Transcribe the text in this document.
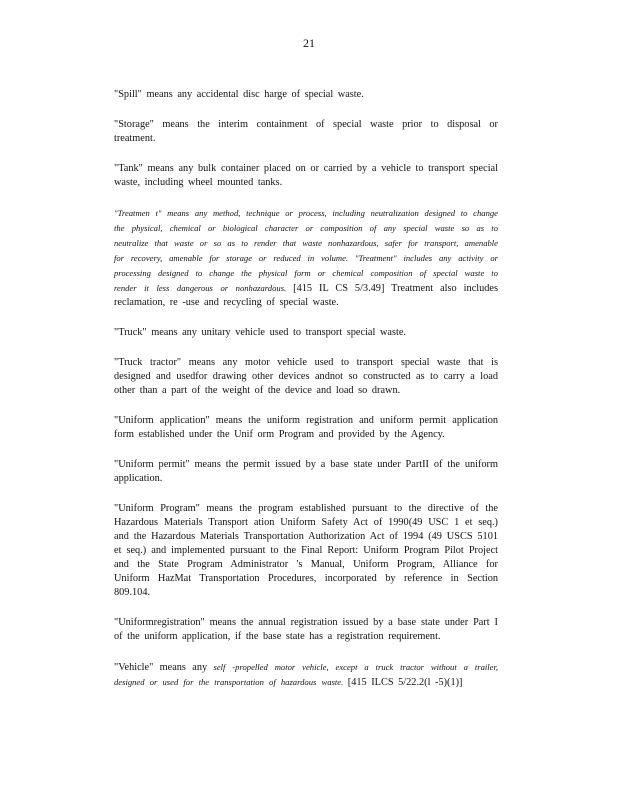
21

"Spill" means any accidental disc harge of special waste.

"Storage" means the interim containment of special waste prior to disposal or treatment.

"Tank" means any bulk container placed on or carried by a vehicle to transport special waste, including wheel mounted tanks.

"Treatmen t" means any method, technique or process, including neutralization designed to change the physical, chemical or biological character or composition of any special waste so as to neutralize that waste or so as to render that waste nonhazardous, safer for transport, amenable for recovery, amenable for storage or reduced in volume. "Treatment" includes any activity or processing designed to change the physical form or chemical composition of special waste to render it less dangerous or nonhazardous. [415 IL CS 5/3.49] Treatment also includes reclamation, re -use and recycling of special waste.

"Truck" means any unitary vehicle used to transport special waste.

"Truck tractor" means any motor vehicle used to transport special waste that is designed and usedfor drawing other devices andnot so constructed as to carry a load other than a part of the weight of the device and load so drawn.

"Uniform application" means the uniform registration and uniform permit application form established under the Unif orm Program and provided by the Agency.

"Uniform permit" means the permit issued by a base state under PartII of the uniform application.

"Uniform Program" means the program established pursuant to the directive of the Hazardous Materials Transport ation Uniform Safety Act of 1990(49 USC 1 et seq.) and the Hazardous Materials Transportation Authorization Act of 1994 (49 USCS 5101 et seq.) and implemented pursuant to the Final Report: Uniform Program Pilot Project and the State Program Administrator 's Manual, Uniform Program, Alliance for Uniform HazMat Transportation Procedures, incorporated by reference in Section 809.104.

"Uniformregistration" means the annual registration issued by a base state under Part I of the uniform application, if the base state has a registration requirement.

"Vehicle" means any self -propelled motor vehicle, except a truck tractor without a trailer, designed or used for the transportation of hazardous waste. [415 ILCS 5/22.2(l -5)(1)]
